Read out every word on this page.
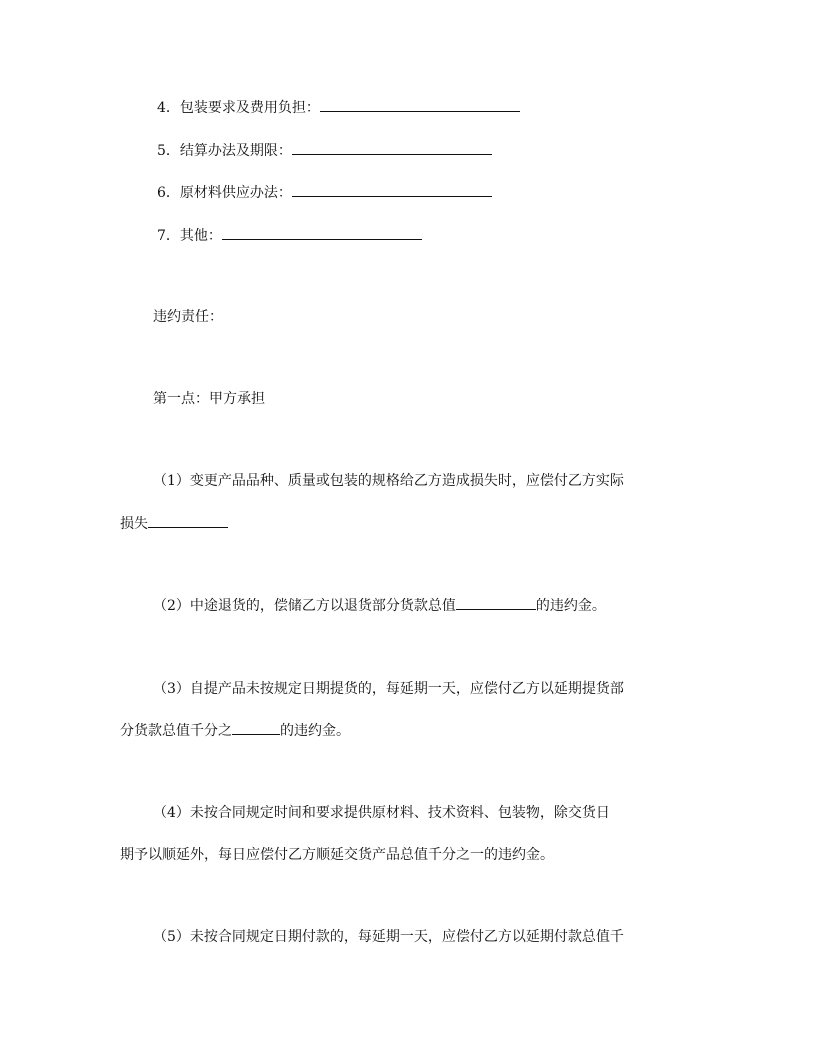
4．包装要求及费用负担：
5．结算办法及期限：
6．原材料供应办法：
7．其他：
违约责任：
第一点：甲方承担
（1）变更产品品种、质量或包装的规格给乙方造成损失时，应偿付乙方实际
损失
（2）中途退货的，偿储乙方以退货部分货款总值	的违约金。
（3）自提产品未按规定日期提货的，每延期一天，应偿付乙方以延期提货部
分货款总值千分之	的违约金。
（4）未按合同规定时间和要求提供原材料、技术资料、包装物，除交货日
期予以顺延外，每日应偿付乙方顺延交货产品总值千分之一的违约金。
（5）未按合同规定日期付款的，每延期一天，应偿付乙方以延期付款总值千
